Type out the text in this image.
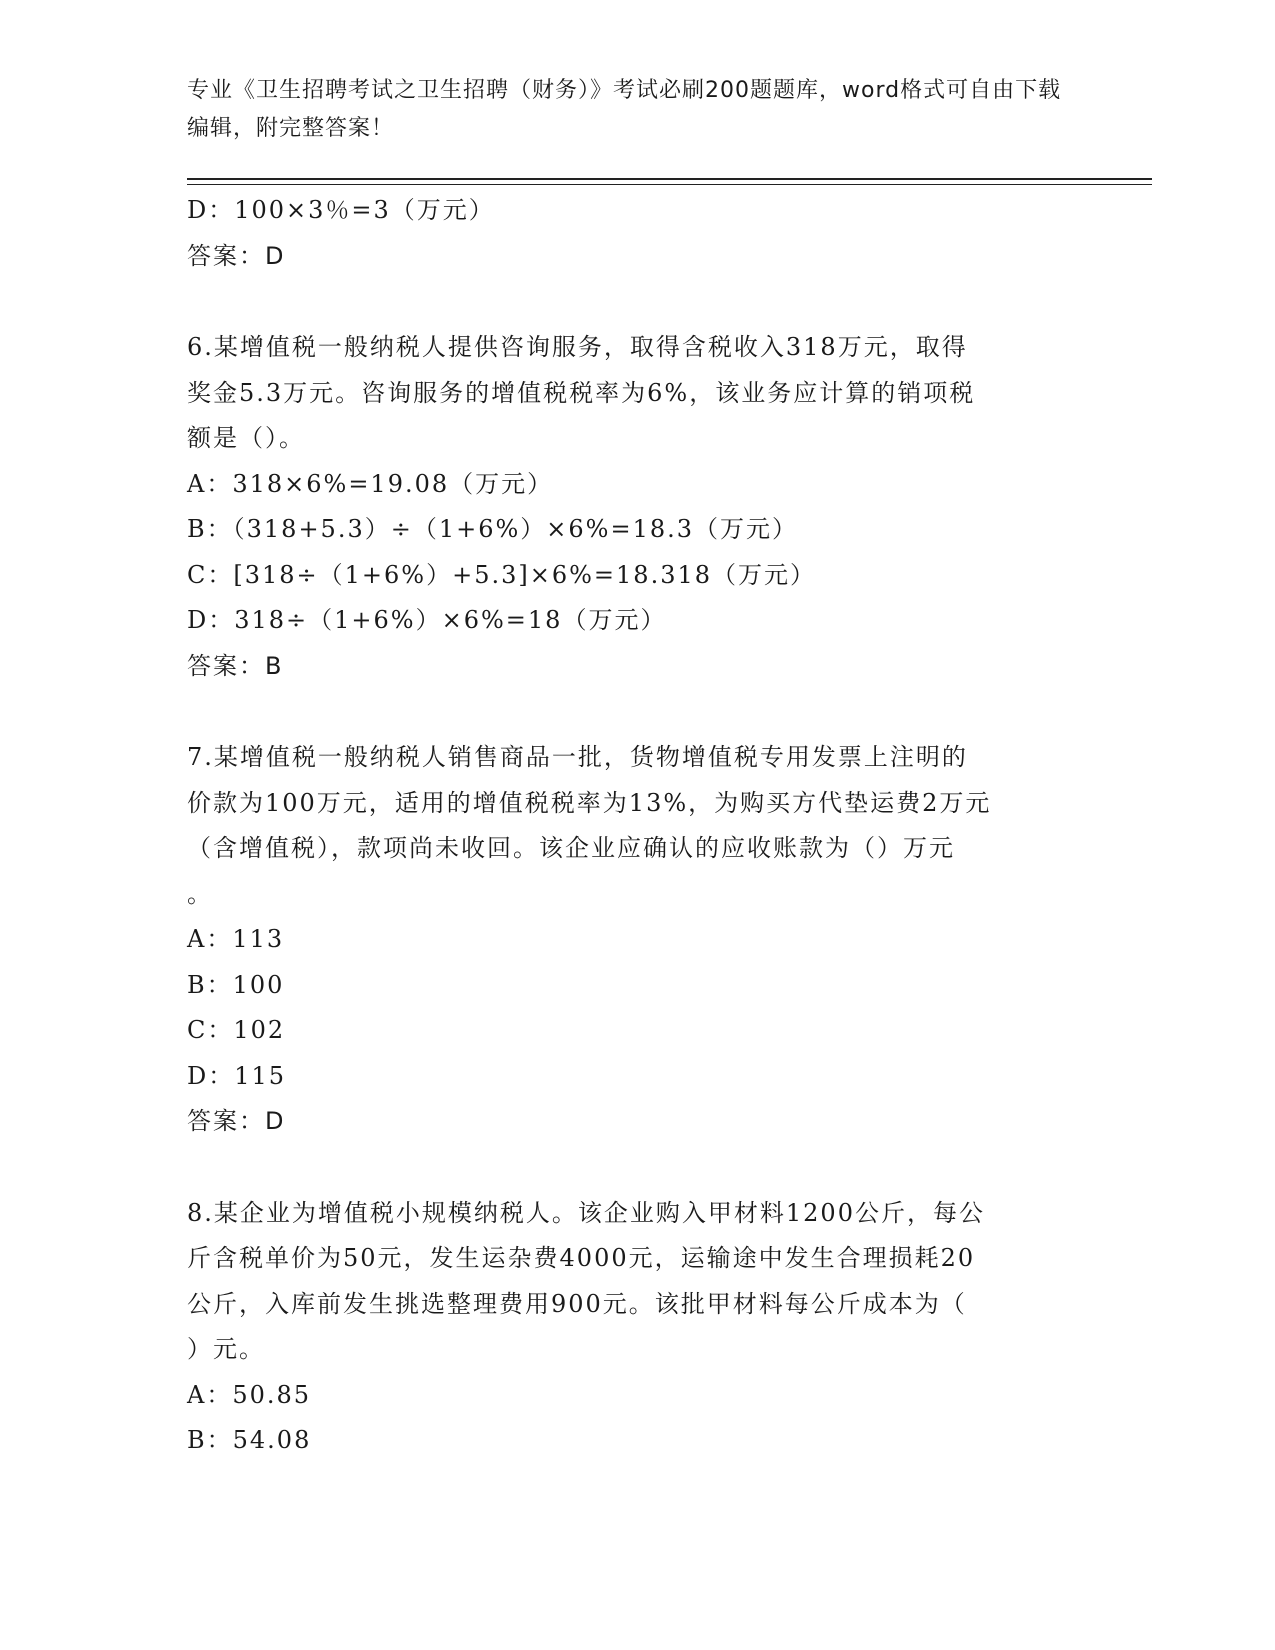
专业《卫生招聘考试之卫生招聘（财务）》考试必刷200题题库，word格式可自由下载编辑，附完整答案！
D：100×3％=3（万元）
答案：D
6.某增值税一般纳税人提供咨询服务，取得含税收入318万元，取得
奖金5.3万元。咨询服务的增值税税率为6%，该业务应计算的销项税
额是（）。
A：318×6%=19.08（万元）
B：（318+5.3）÷（1+6%）×6%=18.3（万元）
C：[318÷（1+6%）+5.3]×6%=18.318（万元）
D：318÷（1+6%）×6%=18（万元）
答案：B
7.某增值税一般纳税人销售商品一批，货物增值税专用发票上注明的
价款为100万元，适用的增值税税率为13%，为购买方代垫运费2万元
（含增值税），款项尚未收回。该企业应确认的应收账款为（）万元
。
A：113
B：100
C：102
D：115
答案：D
8.某企业为增值税小规模纳税人。该企业购入甲材料1200公斤，每公
斤含税单价为50元，发生运杂费4000元，运输途中发生合理损耗20
公斤，入库前发生挑选整理费用900元。该批甲材料每公斤成本为（
）元。
A：50.85
B：54.08
